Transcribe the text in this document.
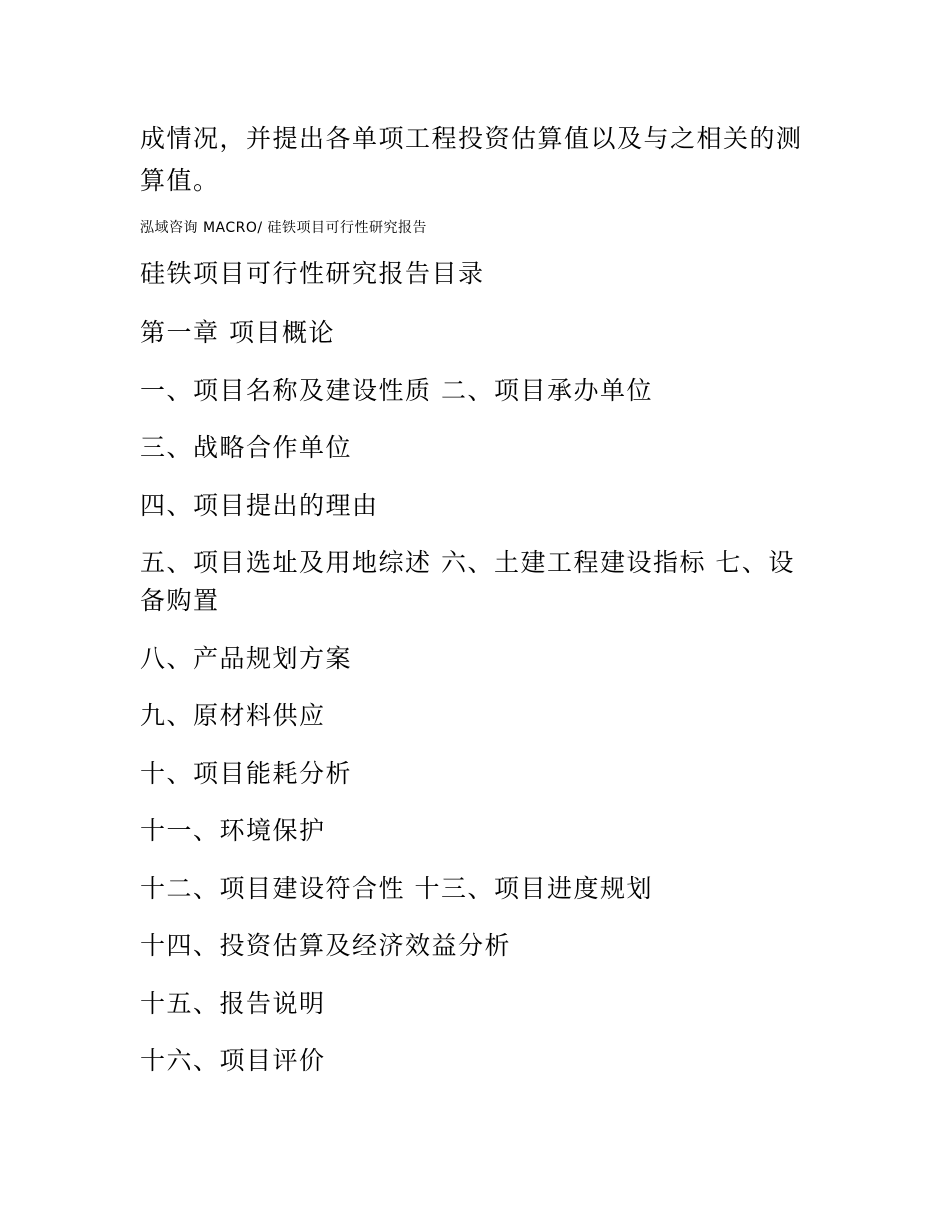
成情况，并提出各单项工程投资估算值以及与之相关的测算值。

泓域咨询 MACRO/ 硅铁项目可行性研究报告

硅铁项目可行性研究报告目录
第一章 项目概论
一、项目名称及建设性质 二、项目承办单位
三、战略合作单位
四、项目提出的理由
五、项目选址及用地综述 六、土建工程建设指标 七、设备购置
八、产品规划方案
九、原材料供应
十、项目能耗分析
十一、环境保护
十二、项目建设符合性 十三、项目进度规划
十四、投资估算及经济效益分析
十五、报告说明
十六、项目评价
